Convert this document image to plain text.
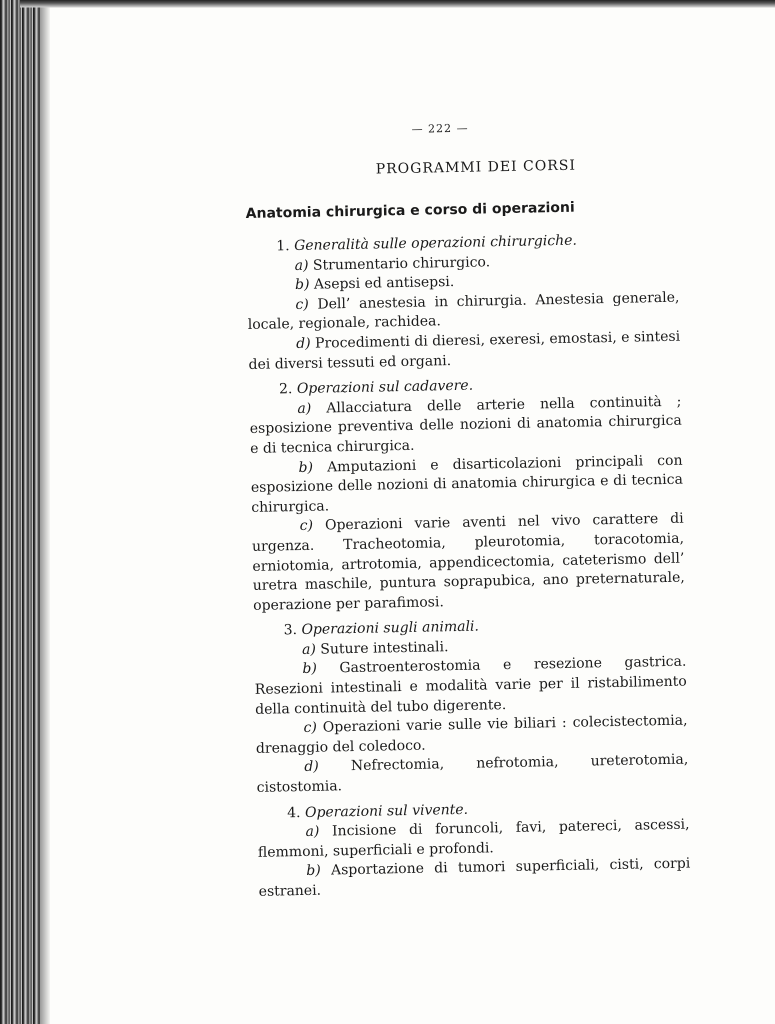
— 222 —
PROGRAMMI DEI CORSI
Anatomia chirurgica e corso di operazioni

1. Generalità sulle operazioni chirurgiche.

a) Strumentario chirurgico.

b) Asepsi ed antisepsi.

c) Dell’ anestesia in chirurgia. Anestesia generale, locale, regionale, rachidea.

d) Procedimenti di dieresi, exeresi, emostasi, e sintesi dei diversi tessuti ed organi.

2. Operazioni sul cadavere.

a) Allacciatura delle arterie nella continuità ; esposizione preventiva delle nozioni di anatomia chirurgica e di tecnica chirurgica.

b) Amputazioni e disarticolazioni principali con esposizione delle nozioni di anatomia chirurgica e di tecnica chirurgica.

c) Operazioni varie aventi nel vivo carattere di urgenza. Tracheotomia, pleurotomia, toracotomia, erniotomia, artrotomia, appendicectomia, cateterismo dell’ uretra maschile, puntura soprapubica, ano preternaturale, operazione per parafimosi.

3. Operazioni sugli animali.

a) Suture intestinali.

b) Gastroenterostomia e resezione gastrica. Resezioni intestinali e modalità varie per il ristabilimento della continuità del tubo digerente.

c) Operazioni varie sulle vie biliari : colecistectomia, drenaggio del coledoco.

d) Nefrectomia, nefrotomia, ureterotomia, cistostomia.

4. Operazioni sul vivente.

a) Incisione di foruncoli, favi, patereci, ascessi, flemmoni, superficiali e profondi.

b) Asportazione di tumori superficiali, cisti, corpi estranei.
